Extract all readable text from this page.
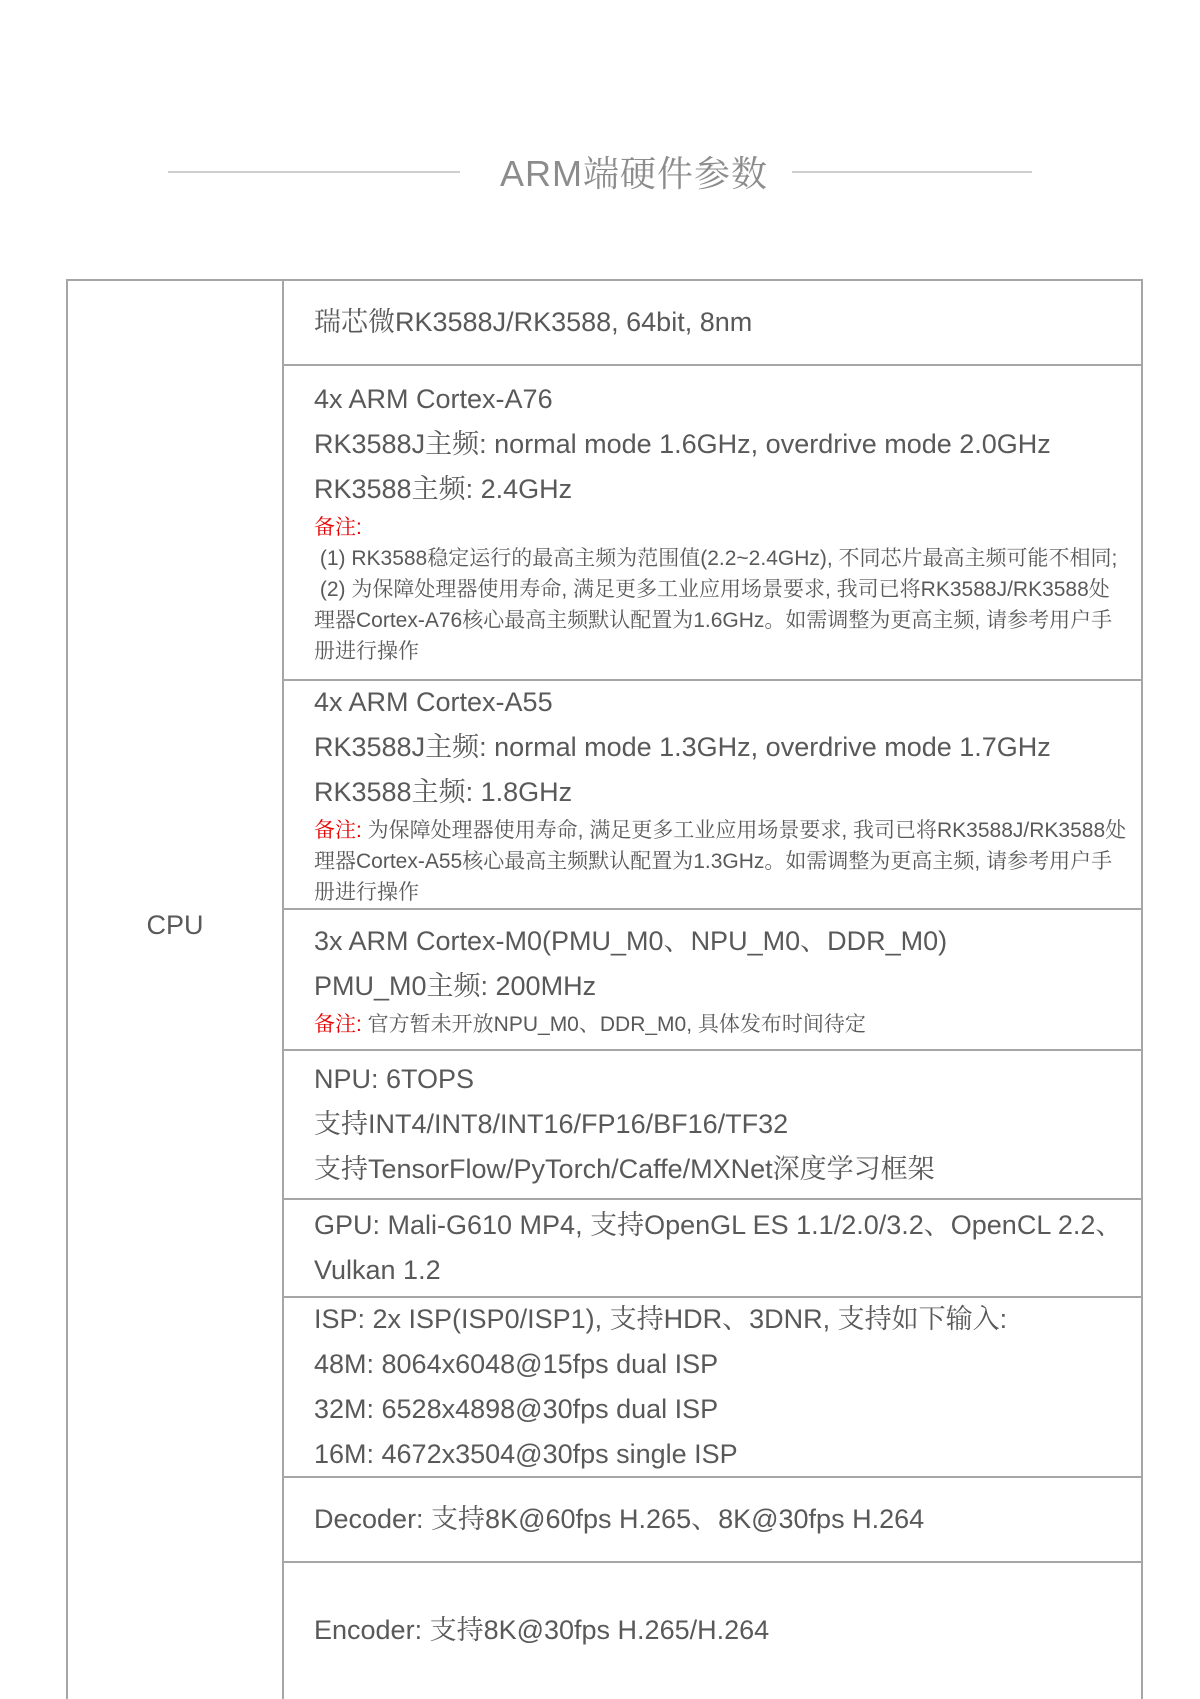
ARM端硬件参数
CPU

瑞芯微RK3588J/RK3588, 64bit, 8nm

4x ARM Cortex-A76

RK3588J主频: normal mode 1.6GHz, overdrive mode 2.0GHz

RK3588主频: 2.4GHz

备注:

(1) RK3588稳定运行的最高主频为范围值(2.2~2.4GHz), 不同芯片最高主频可能不相同;

(2) 为保障处理器使用寿命, 满足更多工业应用场景要求, 我司已将RK3588J/RK3588处理器Cortex-A76核心最高主频默认配置为1.6GHz。如需调整为更高主频, 请参考用户手册进行操作

4x ARM Cortex-A55

RK3588J主频: normal mode 1.3GHz, overdrive mode 1.7GHz

RK3588主频: 1.8GHz

备注: 为保障处理器使用寿命, 满足更多工业应用场景要求, 我司已将RK3588J/RK3588处理器Cortex-A55核心最高主频默认配置为1.3GHz。如需调整为更高主频, 请参考用户手册进行操作

3x ARM Cortex-M0(PMU_M0、NPU_M0、DDR_M0)

PMU_M0主频: 200MHz

备注: 官方暂未开放NPU_M0、DDR_M0, 具体发布时间待定

NPU: 6TOPS

支持INT4/INT8/INT16/FP16/BF16/TF32

支持TensorFlow/PyTorch/Caffe/MXNet深度学习框架

GPU: Mali-G610 MP4, 支持OpenGL ES 1.1/2.0/3.2、OpenCL 2.2、Vulkan 1.2

ISP: 2x ISP(ISP0/ISP1), 支持HDR、3DNR, 支持如下输入:

48M: 8064x6048@15fps dual ISP

32M: 6528x4898@30fps dual ISP

16M: 4672x3504@30fps single ISP

Decoder: 支持8K@60fps H.265、8K@30fps H.264

Encoder: 支持8K@30fps H.265/H.264
